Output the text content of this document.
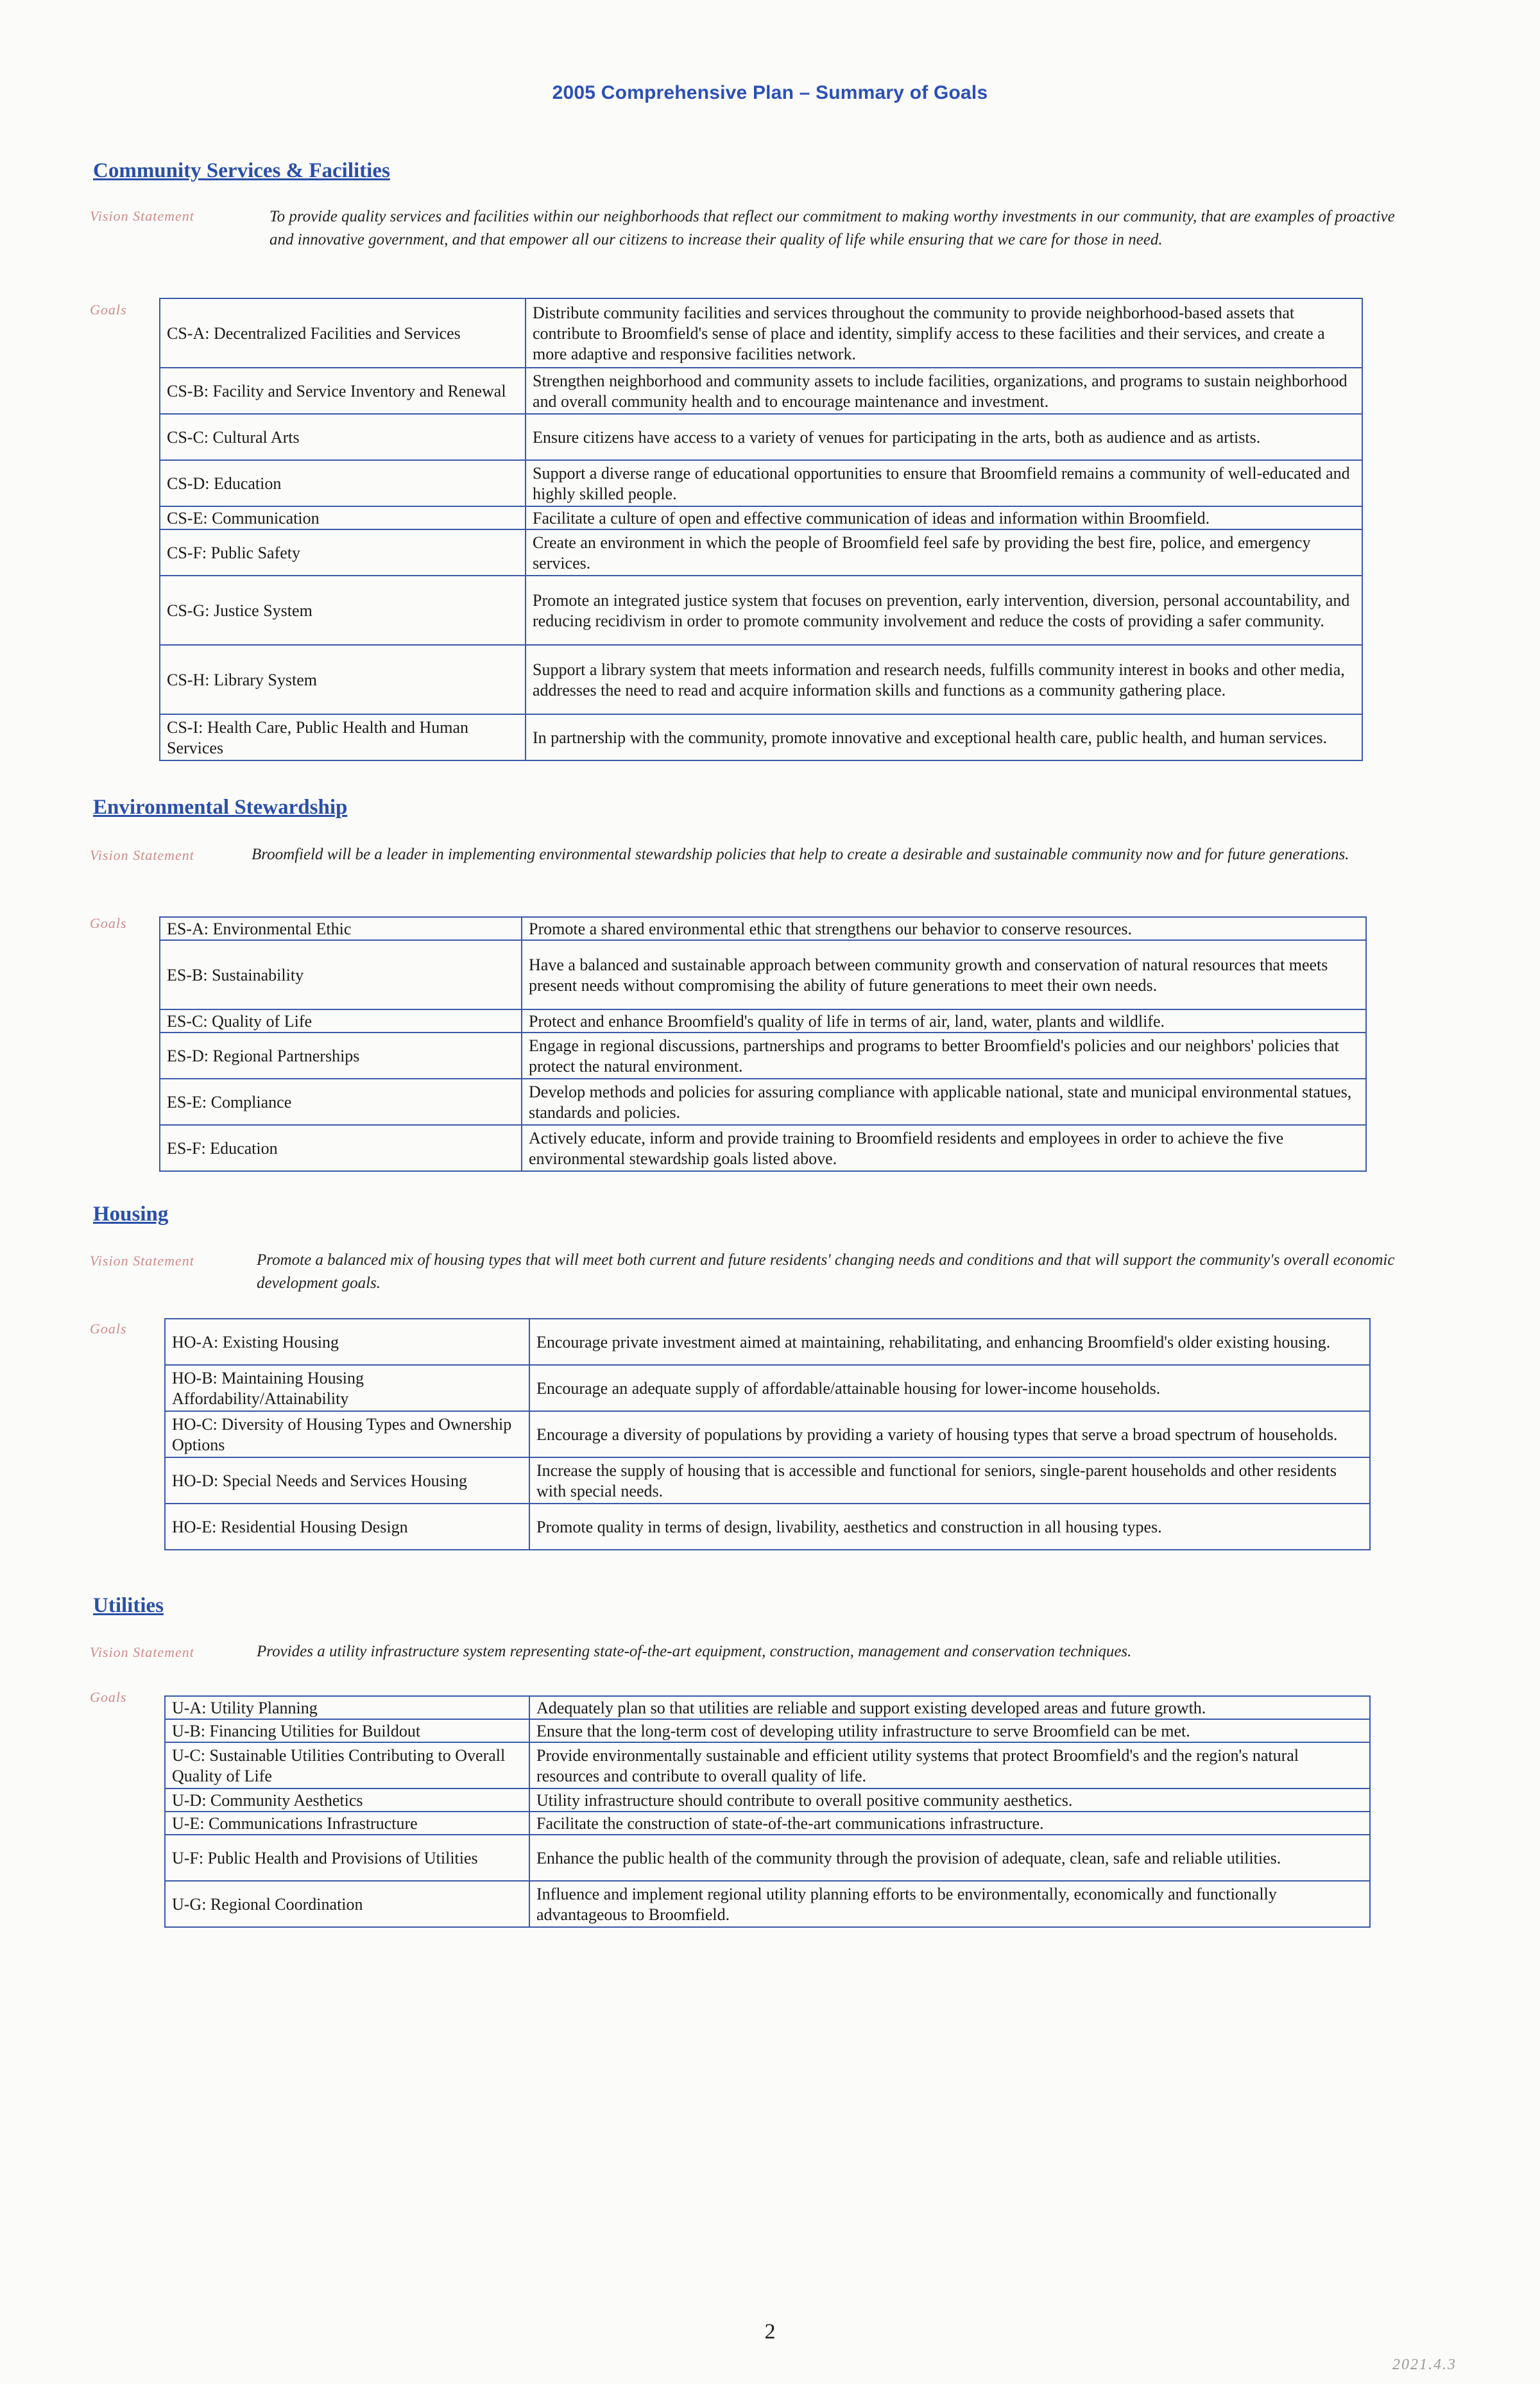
2005 Comprehensive Plan – Summary of Goals
Community Services & Facilities
Vision Statement	To provide quality services and facilities within our neighborhoods that reflect our commitment to making worthy investments in our community, that are examples of proactive and innovative government, and that empower all our citizens to increase their quality of life while ensuring that we care for those in need.
Goals
CS-A: Decentralized Facilities and Services	Distribute community facilities and services throughout the community to provide neighborhood-based assets that contribute to Broomfield's sense of place and identity, simplify access to these facilities and their services, and create a more adaptive and responsive facilities network.
CS-B: Facility and Service Inventory and Renewal	Strengthen neighborhood and community assets to include facilities, organizations, and programs to sustain neighborhood and overall community health and to encourage maintenance and investment.
CS-C: Cultural Arts	Ensure citizens have access to a variety of venues for participating in the arts, both as audience and as artists.
CS-D: Education	Support a diverse range of educational opportunities to ensure that Broomfield remains a community of well-educated and highly skilled people.
CS-E: Communication	Facilitate a culture of open and effective communication of ideas and information within Broomfield.
CS-F: Public Safety	Create an environment in which the people of Broomfield feel safe by providing the best fire, police, and emergency services.
CS-G: Justice System	Promote an integrated justice system that focuses on prevention, early intervention, diversion, personal accountability, and reducing recidivism in order to promote community involvement and reduce the costs of providing a safer community.
CS-H: Library System	Support a library system that meets information and research needs, fulfills community interest in books and other media, addresses the need to read and acquire information skills and functions as a community gathering place.
CS-I: Health Care, Public Health and Human Services	In partnership with the community, promote innovative and exceptional health care, public health, and human services.
Environmental Stewardship
Vision Statement	Broomfield will be a leader in implementing environmental stewardship policies that help to create a desirable and sustainable community now and for future generations.
Goals ES-A: Environmental Ethic	Promote a shared environmental ethic that strengthens our behavior to conserve resources.
ES-B: Sustainability	Have a balanced and sustainable approach between community growth and conservation of natural resources that meets present needs without compromising the ability of future generations to meet their own needs.
ES-C: Quality of Life	Protect and enhance Broomfield's quality of life in terms of air, land, water, plants and wildlife.
ES-D: Regional Partnerships	Engage in regional discussions, partnerships and programs to better Broomfield's policies and our neighbors' policies that protect the natural environment.
ES-E: Compliance	Develop methods and policies for assuring compliance with applicable national, state and municipal environmental statues, standards and policies.
ES-F: Education	Actively educate, inform and provide training to Broomfield residents and employees in order to achieve the five environmental stewardship goals listed above.
Housing
Vision Statement	Promote a balanced mix of housing types that will meet both current and future residents' changing needs and conditions and that will support the community's overall economic development goals.
Goals
HO-A: Existing Housing	Encourage private investment aimed at maintaining, rehabilitating, and enhancing Broomfield's older existing housing.
HO-B: Maintaining Housing Affordability/Attainability	Encourage an adequate supply of affordable/attainable housing for lower-income households.
HO-C: Diversity of Housing Types and Ownership Options	Encourage a diversity of populations by providing a variety of housing types that serve a broad spectrum of households.
HO-D: Special Needs and Services Housing	Increase the supply of housing that is accessible and functional for seniors, single-parent households and other residents with special needs.
HO-E: Residential Housing Design	Promote quality in terms of design, livability, aesthetics and construction in all housing types.
Utilities
Vision Statement	Provides a utility infrastructure system representing state-of-the-art equipment, construction, management and conservation techniques.
Goals
U-A: Utility Planning	Adequately plan so that utilities are reliable and support existing developed areas and future growth.
U-B: Financing Utilities for Buildout	Ensure that the long-term cost of developing utility infrastructure to serve Broomfield can be met.
U-C: Sustainable Utilities Contributing to Overall Quality of Life	Provide environmentally sustainable and efficient utility systems that protect Broomfield's and the region's natural resources and contribute to overall quality of life.
U-D: Community Aesthetics	Utility infrastructure should contribute to overall positive community aesthetics.
U-E: Communications Infrastructure	Facilitate the construction of state-of-the-art communications infrastructure.
U-F: Public Health and Provisions of Utilities	Enhance the public health of the community through the provision of adequate, clean, safe and reliable utilities.
U-G: Regional Coordination	Influence and implement regional utility planning efforts to be environmentally, economically and functionally advantageous to Broomfield.
2
2021.4.3
